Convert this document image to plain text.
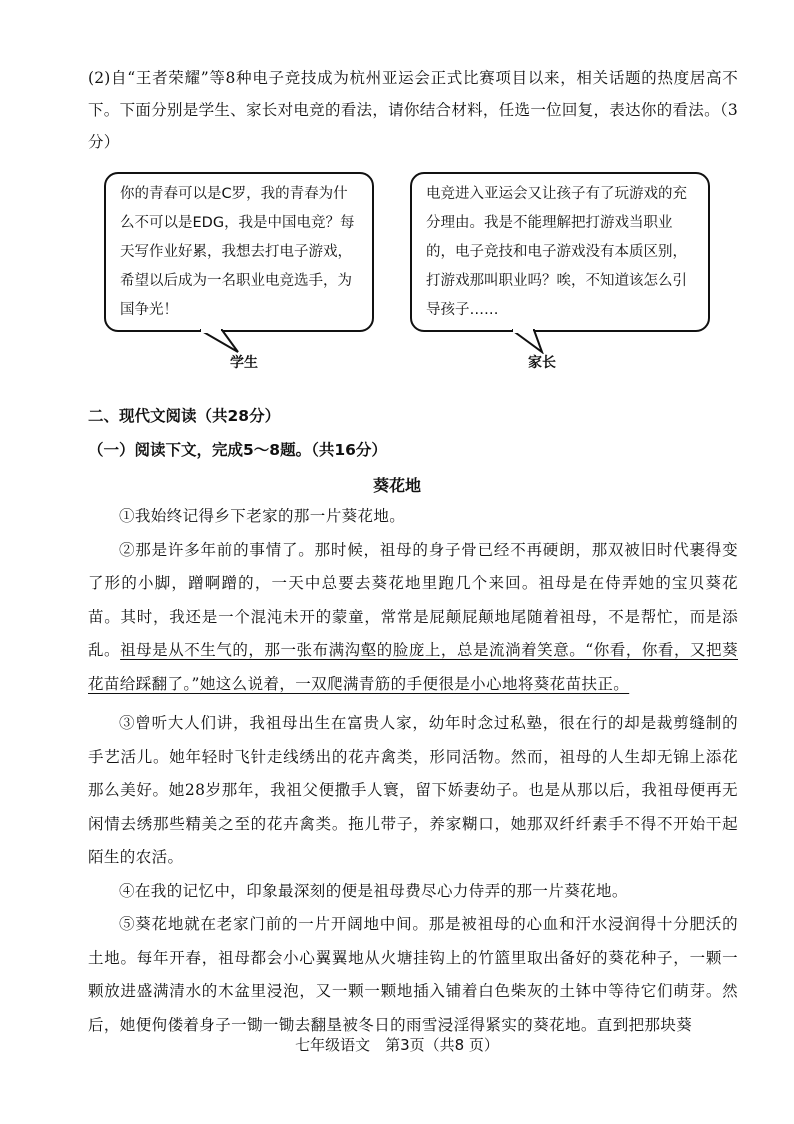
(2)自“王者荣耀”等8种电子竞技成为杭州亚运会正式比赛项目以来，相关话题的热度居高不下。下面分别是学生、家长对电竞的看法，请你结合材料，任选一位回复，表达你的看法。（3分）
你的青春可以是C罗，我的青春为什么不可以是EDG，我是中国电竞？每天写作业好累，我想去打电子游戏，希望以后成为一名职业电竞选手，为国争光！
学生
电竞进入亚运会又让孩子有了玩游戏的充分理由。我是不能理解把打游戏当职业的，电子竞技和电子游戏没有本质区别，打游戏那叫职业吗？唉，不知道该怎么引导孩子……
家长
二、现代文阅读（共28分）
（一）阅读下文，完成5～8题。（共16分）
葵花地

①我始终记得乡下老家的那一片葵花地。

②那是许多年前的事情了。那时候，祖母的身子骨已经不再硬朗，那双被旧时代裹得变了形的小脚，蹭啊蹭的，一天中总要去葵花地里跑几个来回。祖母是在侍弄她的宝贝葵花苗。其时，我还是一个混沌未开的蒙童，常常是屁颠屁颠地尾随着祖母，不是帮忙，而是添乱。祖母是从不生气的，那一张布满沟壑的脸庞上，总是流淌着笑意。“你看，你看，又把葵花苗给踩翻了。”她这么说着，一双爬满青筋的手便很是小心地将葵花苗扶正。

③曾听大人们讲，我祖母出生在富贵人家，幼年时念过私塾，很在行的却是裁剪缝制的手艺活儿。她年轻时飞针走线绣出的花卉禽类，形同活物。然而，祖母的人生却无锦上添花那么美好。她28岁那年，我祖父便撒手人寰，留下娇妻幼子。也是从那以后，我祖母便再无闲情去绣那些精美之至的花卉禽类。拖儿带子，养家糊口，她那双纤纤素手不得不开始干起陌生的农活。

④在我的记忆中，印象最深刻的便是祖母费尽心力侍弄的那一片葵花地。

⑤葵花地就在老家门前的一片开阔地中间。那是被祖母的心血和汗水浸润得十分肥沃的土地。每年开春，祖母都会小心翼翼地从火塘挂钩上的竹篮里取出备好的葵花种子，一颗一颗放进盛满清水的木盆里浸泡，又一颗一颗地插入铺着白色柴灰的土钵中等待它们萌芽。然后，她便佝偻着身子一锄一锄去翻垦被冬日的雨雪浸淫得紧实的葵花地。直到把那块葵

七年级语文　第3页（共8 页）
